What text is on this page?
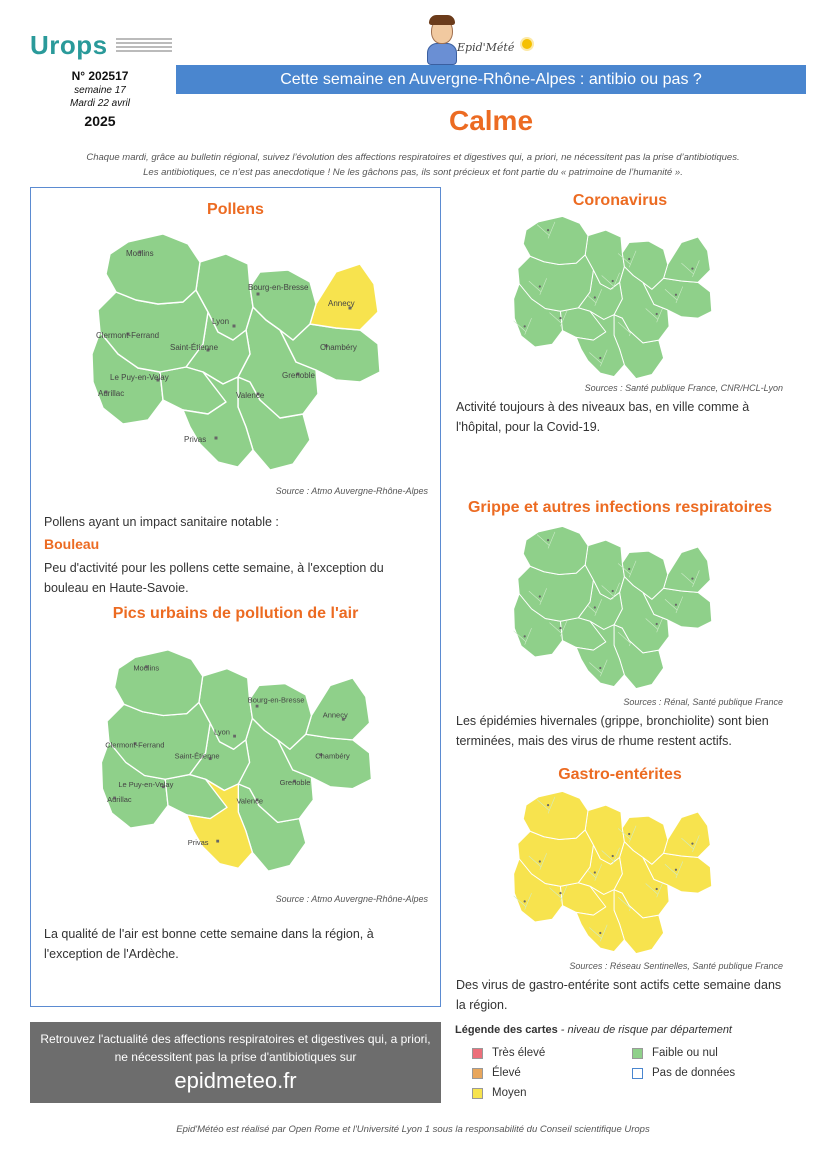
Urops	Epid'Mété
N° 202517
semaine 17
Mardi 22 avril
2025
Cette semaine en Auvergne-Rhône-Alpes : antibio ou pas ?
Calme
Chaque mardi, grâce au bulletin régional, suivez l’évolution des affections respiratoires et digestives qui, a priori, ne nécessitent pas la prise d’antibiotiques.
Les antibiotiques, ce n’est pas anecdotique ! Ne les gâchons pas, ils sont précieux et font partie du « patrimoine de l’humanité ».
Pollens
Moulins
Bourg-en-Bresse
Annecy
Lyon
Clermont-Ferrand
Saint-Étienne	Chambéry
Le Puy-en-Velay	Grenoble
Valence
Aurillac
Privas
Source : Atmo Auvergne-Rhône-Alpes
Pollens ayant un impact sanitaire notable :
Bouleau
Peu d'activité pour les pollens cette semaine, à l'exception du bouleau en Haute-Savoie.
Pics urbains de pollution de l'air
Moulins
Bourg-en-Bresse
Annecy
Lyon
Clermont-Ferrand
Saint-Étienne	Chambéry
Le Puy-en-Velay	Grenoble
Valence
Aurillac
Privas
Source : Atmo Auvergne-Rhône-Alpes
La qualité de l'air est bonne cette semaine dans la région, à l'exception de l'Ardèche.
Coronavirus
Sources : Santé publique France, CNR/HCL-Lyon
Activité toujours à des niveaux bas, en ville comme à l'hôpital, pour la Covid-19.
Grippe et autres infections respiratoires
Sources : Rénal, Santé publique France
Les épidémies hivernales (grippe, bronchiolite) sont bien terminées, mais des virus de rhume restent actifs.
Gastro-entérites
Sources : Réseau Sentinelles, Santé publique France
Des virus de gastro-entérite sont actifs cette semaine dans la région.
Retrouvez l'actualité des affections respiratoires et digestives qui, a priori, ne nécessitent pas la prise d'antibiotiques sur
epidmeteo.fr
Légende des cartes - niveau de risque par département
Très élevé
Élevé
Moyen
Faible ou nul
Pas de données
Epid'Météo est réalisé par Open Rome et l'Université Lyon 1 sous la responsabilité du Conseil scientifique Urops
